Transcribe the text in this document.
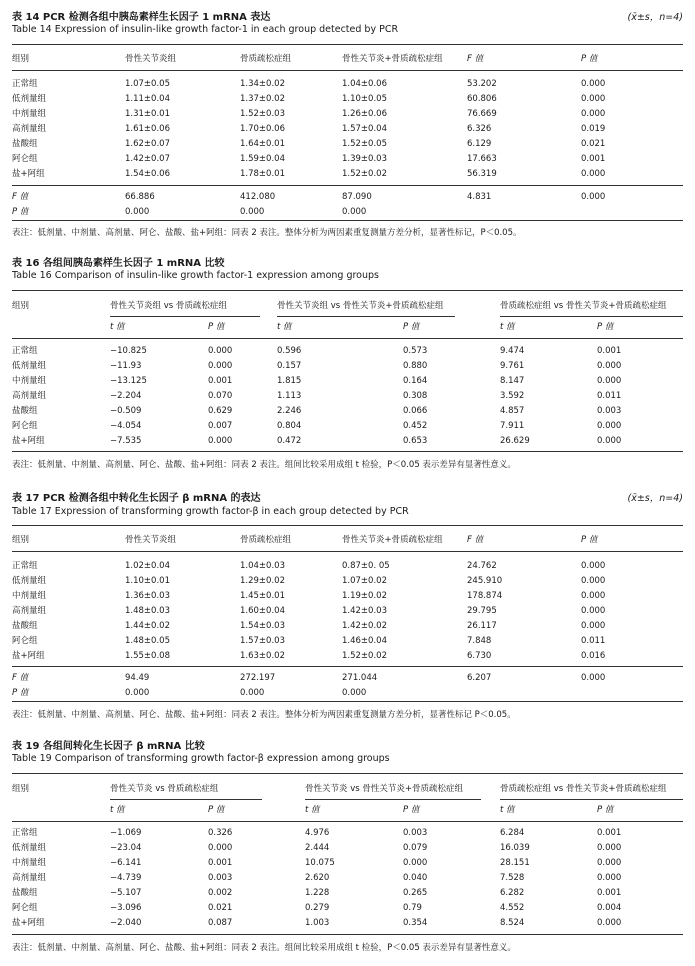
表 14 PCR 检测各组中胰岛素样生长因子 1 mRNA 表达	(x̄±s，n=4)
Table 14 Expression of insulin-like growth factor-1 in each group detected by PCR
组别	骨性关节炎组	骨质疏松症组	骨性关节炎+骨质疏松症组	F 值	P 值
正常组	1.07±0.05	1.34±0.02	1.04±0.06	53.202	0.000
低剂量组	1.11±0.04	1.37±0.02	1.10±0.05	60.806	0.000
中剂量组	1.31±0.01	1.52±0.03	1.26±0.06	76.669	0.000
高剂量组	1.61±0.06	1.70±0.06	1.57±0.04	6.326	0.019
盐酸组	1.62±0.07	1.64±0.01	1.52±0.05	6.129	0.021
阿仑组	1.42±0.07	1.59±0.04	1.39±0.03	17.663	0.001
盐+阿组	1.54±0.06	1.78±0.01	1.52±0.02	56.319	0.000
F 值	66.886	412.080	87.090	4.831	0.000
P 值	0.000	0.000	0.000
表注：低剂量、中剂量、高剂量、阿仑、盐酸、盐+阿组：同表 2 表注。整体分析为两因素重复测量方差分析，显著性标记，P＜0.05。
表 16 各组间胰岛素样生长因子 1 mRNA 比较
Table 16 Comparison of insulin-like growth factor-1 expression among groups
组别	骨性关节炎组 vs 骨质疏松症组	骨性关节炎组 vs 骨性关节炎+骨质疏松症组	骨质疏松症组 vs 骨性关节炎+骨质疏松症组
t 值	P 值	t 值	P 值	t 值	P 值
正常组	−10.825	0.000	0.596	0.573	9.474	0.001
低剂量组	−11.93	0.000	0.157	0.880	9.761	0.000
中剂量组	−13.125	0.001	1.815	0.164	8.147	0.000
高剂量组	−2.204	0.070	1.113	0.308	3.592	0.011
盐酸组	−0.509	0.629	2.246	0.066	4.857	0.003
阿仑组	−4.054	0.007	0.804	0.452	7.911	0.000
盐+阿组	−7.535	0.000	0.472	0.653	26.629	0.000
表注：低剂量、中剂量、高剂量、阿仑、盐酸、盐+阿组：同表 2 表注。组间比较采用成组 t 检验，P＜0.05 表示差异有显著性意义。
表 17 PCR 检测各组中转化生长因子 β mRNA 的表达	(x̄±s，n=4)
Table 17 Expression of transforming growth factor-β in each group detected by PCR
组别	骨性关节炎组	骨质疏松症组	骨性关节炎+骨质疏松症组	F 值	P 值
正常组	1.02±0.04	1.04±0.03	0.87±0. 05	24.762	0.000
低剂量组	1.10±0.01	1.29±0.02	1.07±0.02	245.910	0.000
中剂量组	1.36±0.03	1.45±0.01	1.19±0.02	178.874	0.000
高剂量组	1.48±0.03	1.60±0.04	1.42±0.03	29.795	0.000
盐酸组	1.44±0.02	1.54±0.03	1.42±0.02	26.117	0.000
阿仑组	1.48±0.05	1.57±0.03	1.46±0.04	7.848	0.011
盐+阿组	1.55±0.08	1.63±0.02	1.52±0.02	6.730	0.016
F 值	94.49	272.197	271.044	6.207	0.000
P 值	0.000	0.000	0.000
表注：低剂量、中剂量、高剂量、阿仑、盐酸、盐+阿组：同表 2 表注。整体分析为两因素重复测量方差分析，显著性标记 P＜0.05。
表 19 各组间转化生长因子 β mRNA 比较
Table 19 Comparison of transforming growth factor-β expression among groups
组别	骨性关节炎 vs 骨质疏松症组	骨性关节炎 vs 骨性关节炎+骨质疏松症组	骨质疏松症组 vs 骨性关节炎+骨质疏松症组
t 值	P 值	t 值	P 值	t 值	P 值
正常组	−1.069	0.326	4.976	0.003	6.284	0.001
低剂量组	−23.04	0.000	2.444	0.079	16.039	0.000
中剂量组	−6.141	0.001	10.075	0.000	28.151	0.000
高剂量组	−4.739	0.003	2.620	0.040	7.528	0.000
盐酸组	−5.107	0.002	1.228	0.265	6.282	0.001
阿仑组	−3.096	0.021	0.279	0.79	4.552	0.004
盐+阿组	−2.040	0.087	1.003	0.354	8.524	0.000
表注：低剂量、中剂量、高剂量、阿仑、盐酸、盐+阿组：同表 2 表注。组间比较采用成组 t 检验，P＜0.05 表示差异有显著性意义。
